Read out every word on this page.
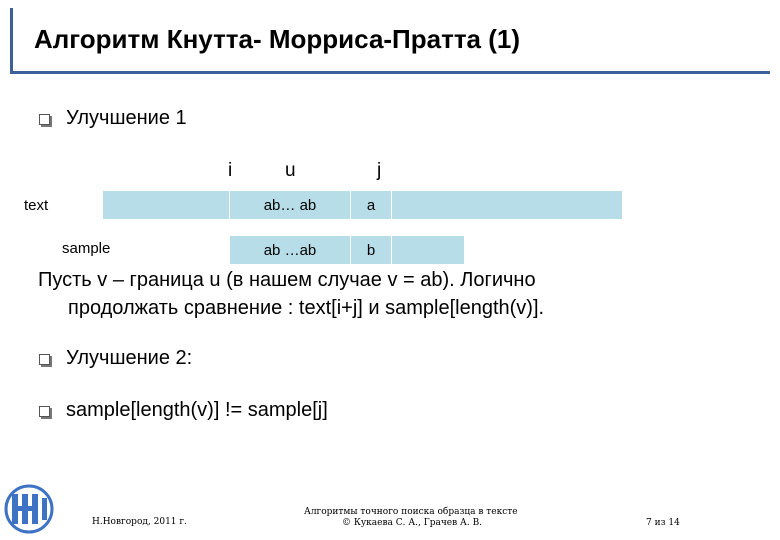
Алгоритм Кнутта- Морриса-Пратта (1)
Улучшение 1
i	u	j
text	ab… ab	a
sample	ab …ab	b
Пусть v – граница u (в нашем случае v = ab). Логично
продолжать сравнение : text[i+j] и sample[length(v)].
Улучшение 2:
sample[length(v)] != sample[j]
Н.Новгород, 2011 г.
Алгоритмы точного поиска образца в тексте
© Кукаева С. А., Грачев А. В.	7 из 14
